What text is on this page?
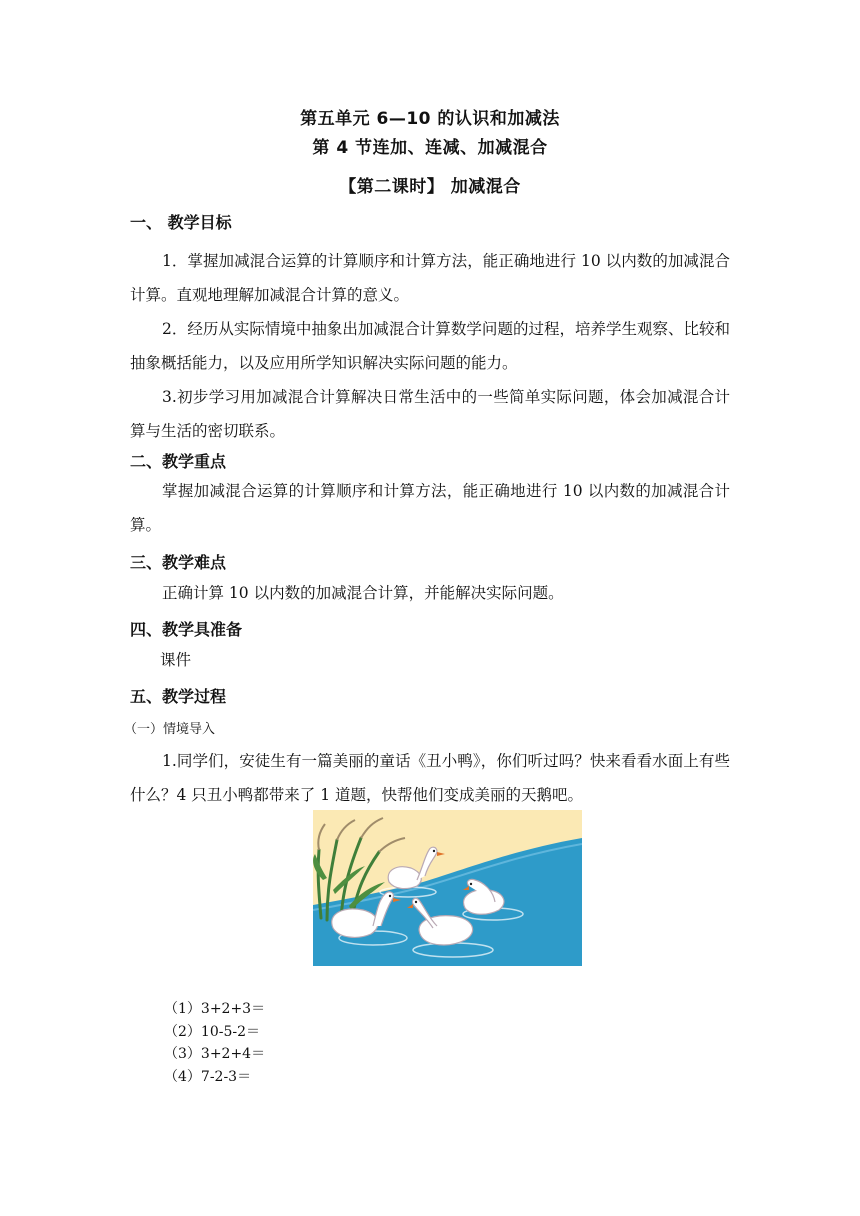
第五单元 6—10 的认识和加减法
第 4 节连加、连减、加减混合
【第二课时】 加减混合
一、 教学目标
1．掌握加减混合运算的计算顺序和计算方法，能正确地进行 10 以内数的加减混合计算。直观地理解加减混合计算的意义。
2．经历从实际情境中抽象出加减混合计算数学问题的过程，培养学生观察、比较和抽象概括能力，以及应用所学知识解决实际问题的能力。
3.初步学习用加减混合计算解决日常生活中的一些简单实际问题，体会加减混合计算与生活的密切联系。
二、教学重点
掌握加减混合运算的计算顺序和计算方法，能正确地进行 10 以内数的加减混合计算。
三、教学难点
正确计算 10 以内数的加减混合计算，并能解决实际问题。
四、教学具准备
课件
五、教学过程
（一）情境导入
1.同学们，安徒生有一篇美丽的童话《丑小鸭》，你们听过吗？快来看看水面上有些什么？4 只丑小鸭都带来了 1 道题，快帮他们变成美丽的天鹅吧。
（1）3+2+3＝
（2）10-5-2＝
（3）3+2+4＝
（4）7-2-3＝
